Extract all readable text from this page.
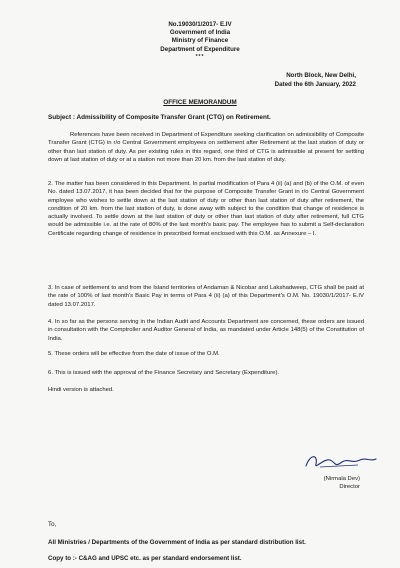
No.19030/1/2017- E.IV
Government of India
Ministry of Finance
Department of Expenditure
***
North Block, New Delhi,
Dated the 6th January, 2022
OFFICE MEMORANDUM
Subject : Admissibility of Composite Transfer Grant (CTG) on Retirement.

References have been received in Department of Expenditure seeking clarification on admissibility of Composite Transfer Grant (CTG) in r/o Central Government employees on settlement after Retirement at the last station of duty or other than last station of duty. As per existing rules in this regard, one third of CTG is admissible at present for settling down at last station of duty or at a station not more than 20 km. from the last station of duty.

2. The matter has been considered in this Department. In partial modification of Para 4 (ii) (a) and (b) of the O.M. of even No. dated 13.07.2017, it has been decided that for the purpose of Composite Transfer Grant in r/o Central Government employee who wishes to settle down at the last station of duty or other than last station of duty after retirement, the condition of 20 km. from the last station of duty, is done away with subject to the condition that change of residence is actually involved. To settle down at the last station of duty or other than last station of duty after retirement, full CTG would be admissible i.e. at the rate of 80% of the last month's basic pay. The employee has to submit a Self-declaration Certificate regarding change of residence in prescribed format enclosed with this O.M. as Annexure – I.

3. In case of settlement to and from the Island territories of Andaman & Nicobar and Lakshadweep, CTG shall be paid at the rate of 100% of last month's Basic Pay in terms of Para 4 (ii) (a) of this Department's O.M. No. 19030/1/2017- E.IV dated 13.07.2017.

4. In so far as the persons serving in the Indian Audit and Accounts Department are concerned, these orders are issued in consultation with the Comptroller and Auditor General of India, as mandated under Article 148(5) of the Constitution of India.

5. These orders will be effective from the date of issue of the O.M.

6. This is issued with the approval of the Finance Secretary and Secretary (Expenditure).

Hindi version is attached.

(Nirmala Dev)
Director
To,
All Ministries / Departments of the Government of India as per standard distribution list.
Copy to :- C&AG and UPSC etc. as per standard endorsement list.
